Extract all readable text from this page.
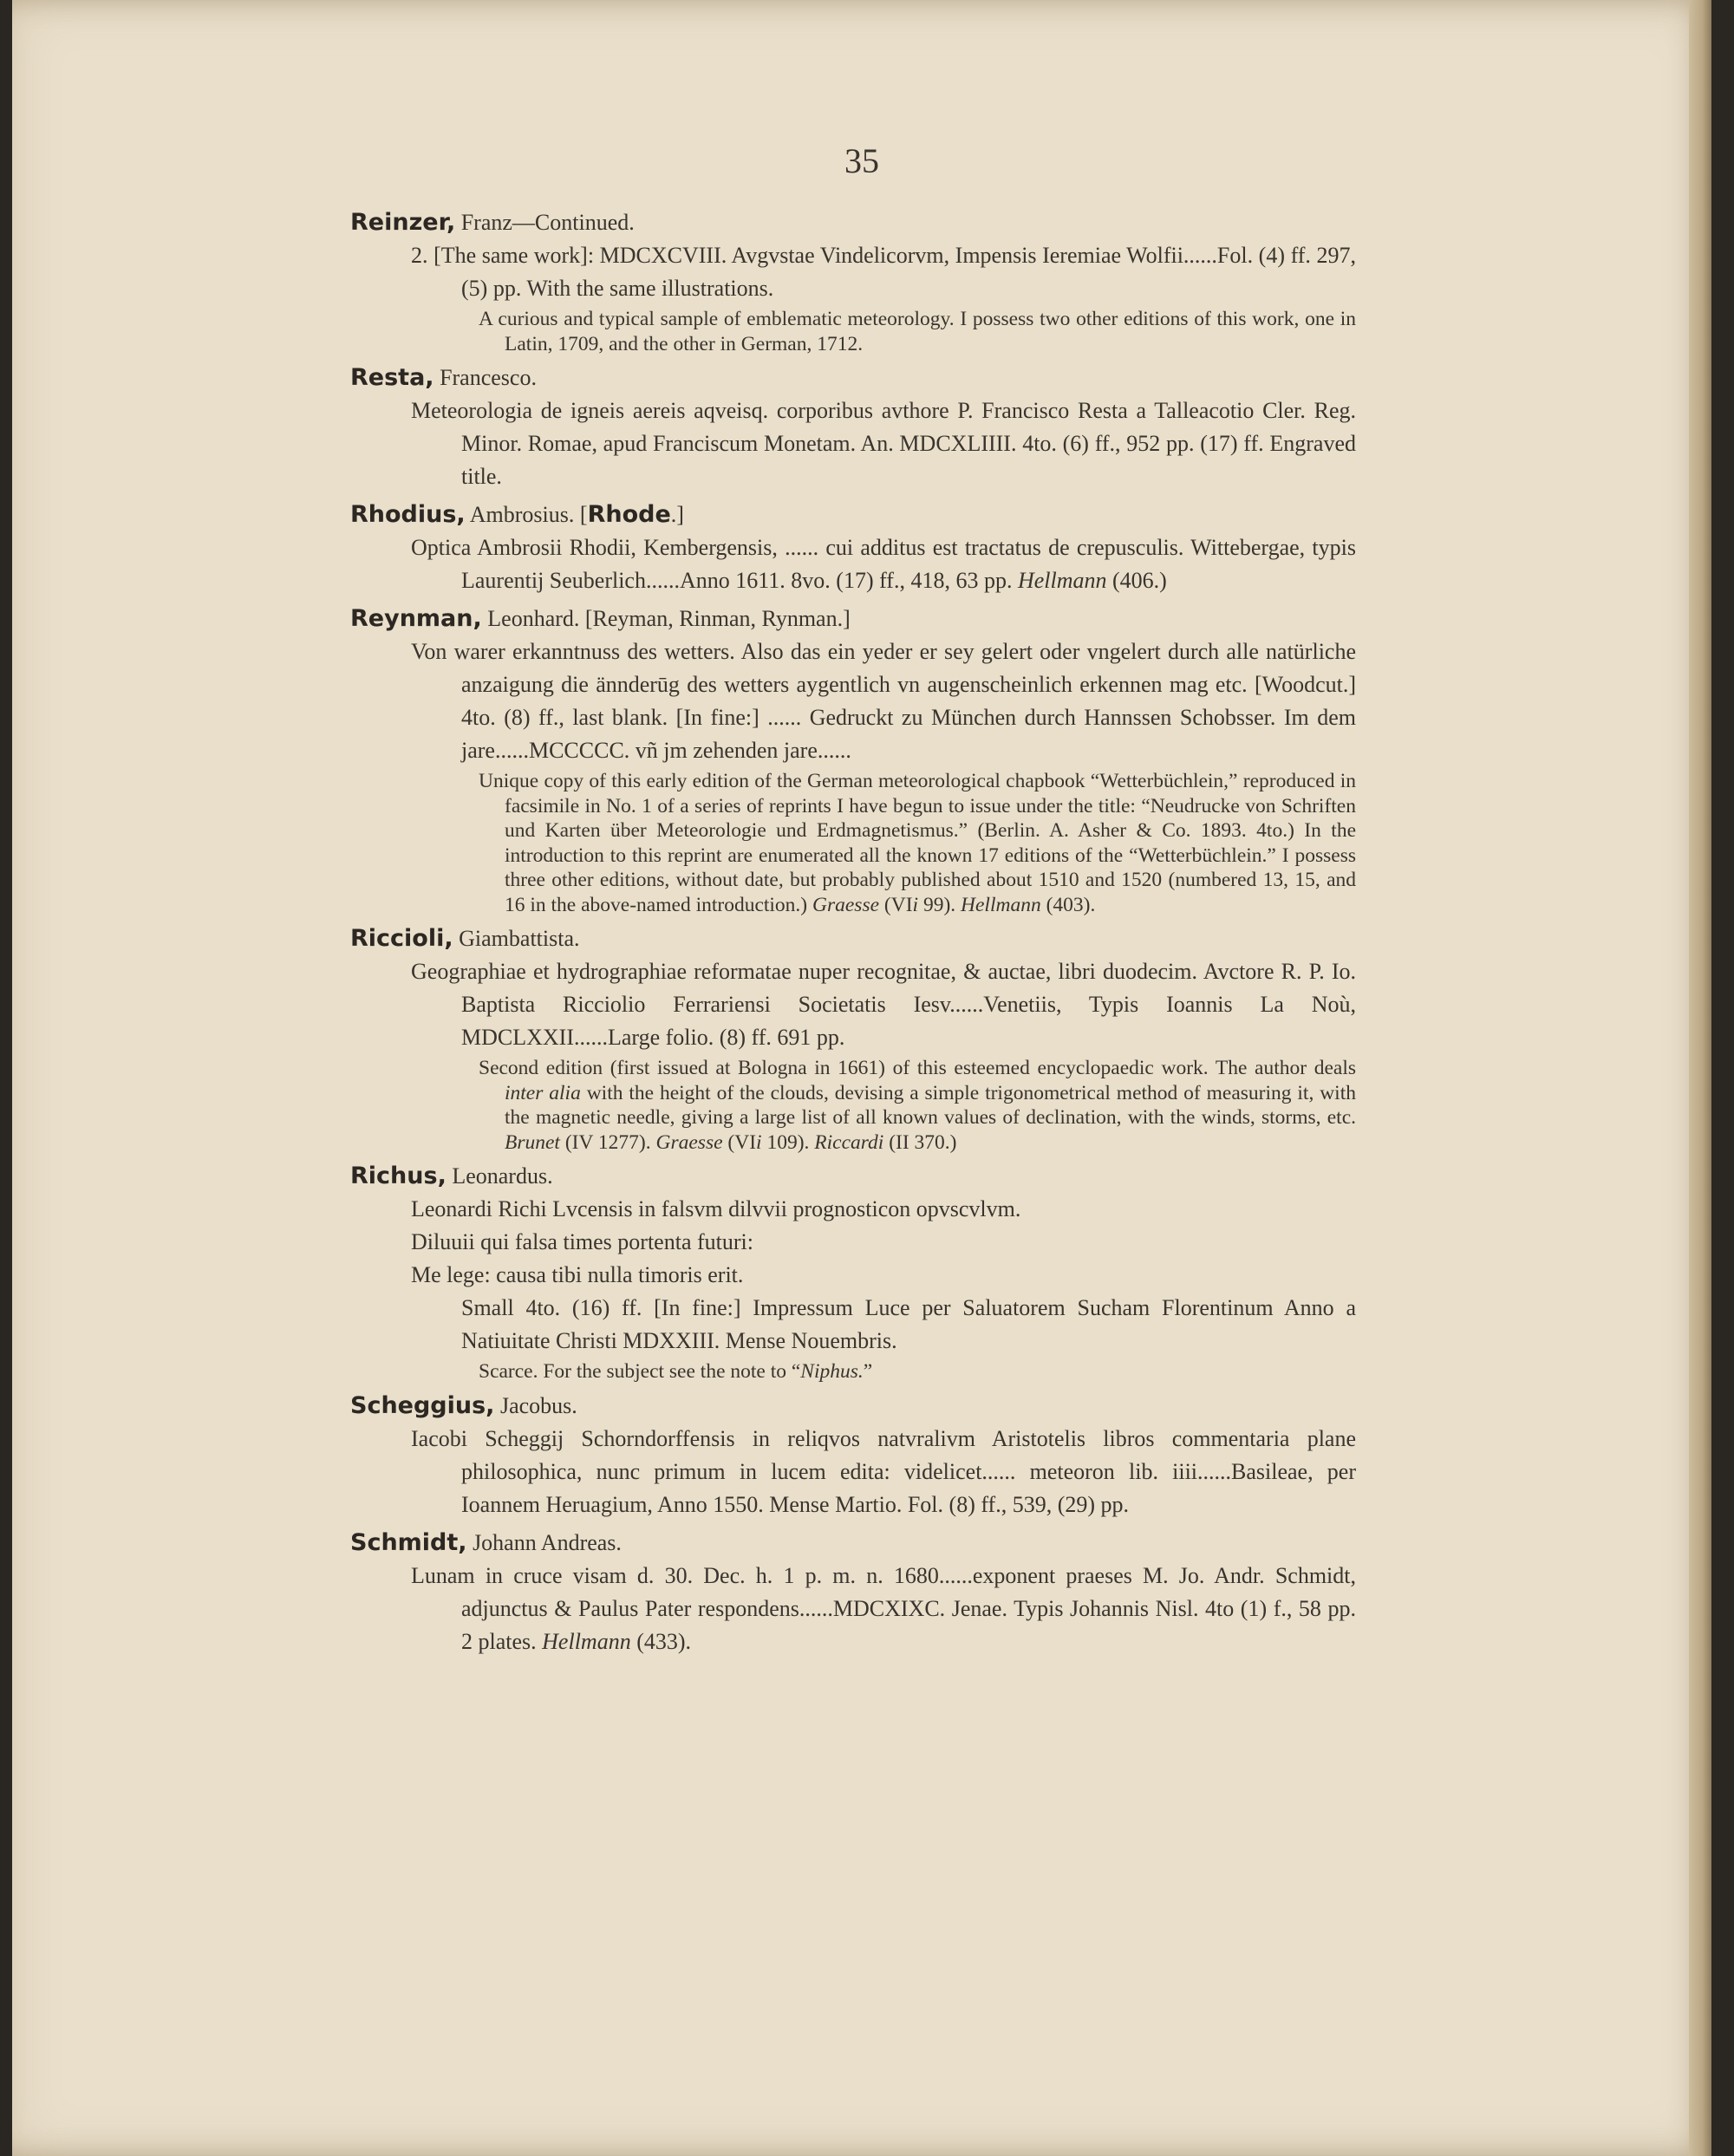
35

Reinzer, Franz—Continued.

2. [The same work]: MDCXCVIII. Avgvstae Vindelicorvm, Impensis Ieremiae Wolfii......Fol. (4) ff. 297, (5) pp. With the same illustrations.

A curious and typical sample of emblematic meteorology. I possess two other editions of this work, one in Latin, 1709, and the other in German, 1712.

Resta, Francesco.

Meteorologia de igneis aereis aqveisq. corporibus avthore P. Francisco Resta a Talleacotio Cler. Reg. Minor. Romae, apud Franciscum Monetam. An. MDCXLIIII. 4to. (6) ff., 952 pp. (17) ff. Engraved title.

Rhodius, Ambrosius. [Rhode.]

Optica Ambrosii Rhodii, Kembergensis, ...... cui additus est tractatus de crepusculis. Wittebergae, typis Laurentij Seuberlich......Anno 1611. 8vo. (17) ff., 418, 63 pp. Hellmann (406.)

Reynman, Leonhard. [Reyman, Rinman, Rynman.]

Von warer erkanntnuss des wetters. Also das ein yeder er sey gelert oder vngelert durch alle natürliche anzaigung die ännderūg des wetters aygentlich vn augenscheinlich erkennen mag etc. [Woodcut.] 4to. (8) ff., last blank. [In fine:] ...... Gedruckt zu München durch Hannssen Schobsser. Im dem jare......MCCCCC. vñ jm zehenden jare......

Unique copy of this early edition of the German meteorological chapbook “Wetterbüchlein,” reproduced in facsimile in No. 1 of a series of reprints I have begun to issue under the title: “Neudrucke von Schriften und Karten über Meteorologie und Erdmagnetismus.” (Berlin. A. Asher & Co. 1893. 4to.) In the introduction to this reprint are enumerated all the known 17 editions of the “Wetterbüchlein.” I possess three other editions, without date, but probably published about 1510 and 1520 (numbered 13, 15, and 16 in the above-named introduction.) Graesse (VIi 99). Hellmann (403).

Riccioli, Giambattista.

Geographiae et hydrographiae reformatae nuper recognitae, & auctae, libri duodecim. Avctore R. P. Io. Baptista Ricciolio Ferrariensi Societatis Iesv......Venetiis, Typis Ioannis La Noù, MDCLXXII......Large folio. (8) ff. 691 pp.

Second edition (first issued at Bologna in 1661) of this esteemed encyclopaedic work. The author deals inter alia with the height of the clouds, devising a simple trigonometrical method of measuring it, with the magnetic needle, giving a large list of all known values of declination, with the winds, storms, etc. Brunet (IV 1277). Graesse (VIi 109). Riccardi (II 370.)

Richus, Leonardus.

Leonardi Richi Lvcensis in falsvm dilvvii prognosticon opvscvlvm.

Diluuii qui falsa times portenta futuri:

Me lege: causa tibi nulla timoris erit.

Small 4to. (16) ff. [In fine:] Impressum Luce per Saluatorem Sucham Florentinum Anno a Natiuitate Christi MDXXIII. Mense Nouembris.

Scarce. For the subject see the note to “Niphus.”

Scheggius, Jacobus.

Iacobi Scheggij Schorndorffensis in reliqvos natvralivm Aristotelis libros commentaria plane philosophica, nunc primum in lucem edita: videlicet...... meteoron lib. iiii......Basileae, per Ioannem Heruagium, Anno 1550. Mense Martio. Fol. (8) ff., 539, (29) pp.

Schmidt, Johann Andreas.

Lunam in cruce visam d. 30. Dec. h. 1 p. m. n. 1680......exponent praeses M. Jo. Andr. Schmidt, adjunctus & Paulus Pater respondens......MDCXIXC. Jenae. Typis Johannis Nisl. 4to (1) f., 58 pp. 2 plates. Hellmann (433).
